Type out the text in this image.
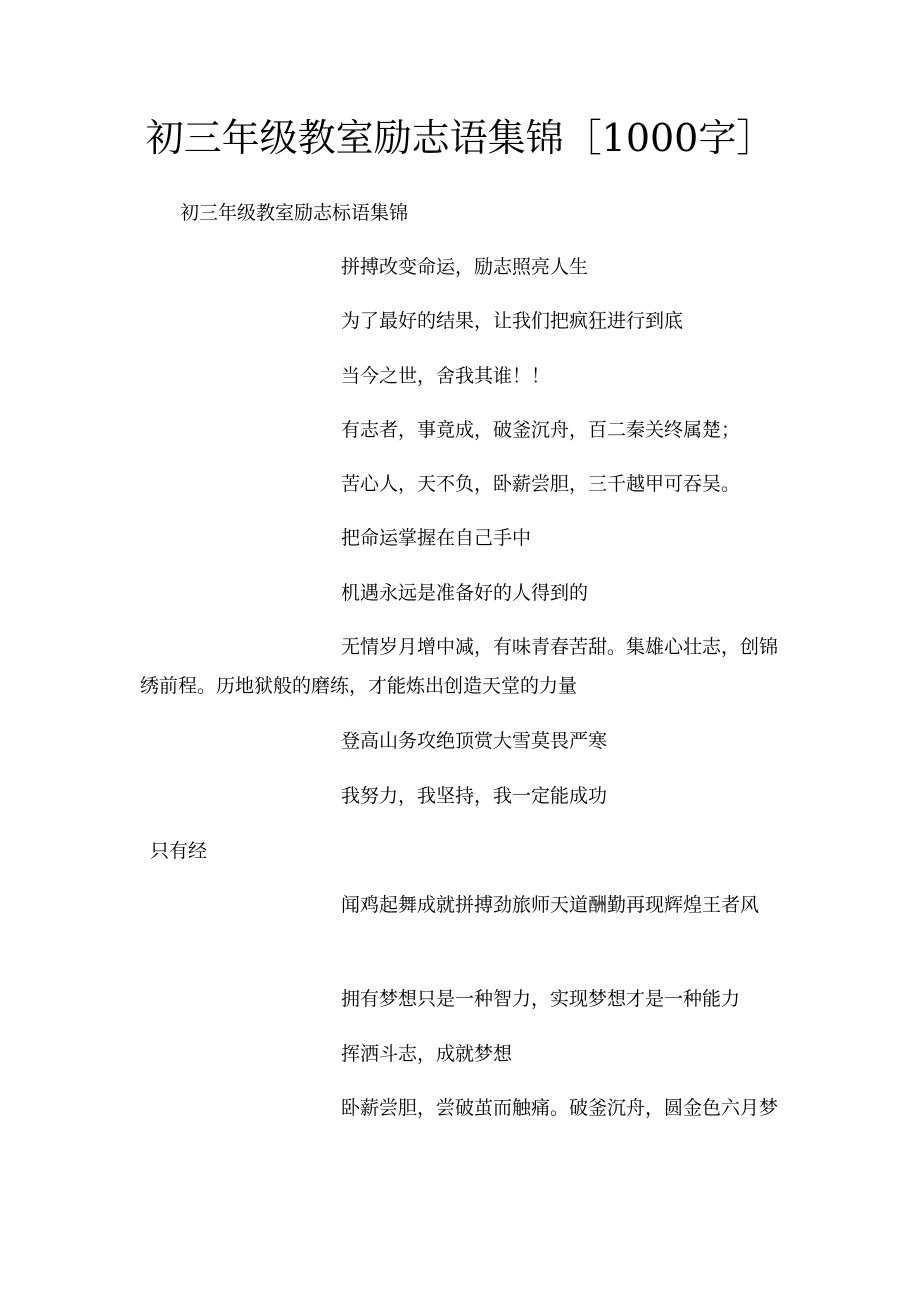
初三年级教室励志语集锦［1000字］
初三年级教室励志标语集锦
拼搏改变命运，励志照亮人生
为了最好的结果，让我们把疯狂进行到底
当今之世，舍我其谁！！
有志者，事竟成，破釜沉舟，百二秦关终属楚；
苦心人，天不负，卧薪尝胆，三千越甲可吞吴。
把命运掌握在自己手中
机遇永远是准备好的人得到的

无情岁月增中减，有味青春苦甜。集雄心壮志，创锦绣前程。历地狱般的磨练，才能炼出创造天堂的力量

登高山务攻绝顶赏大雪莫畏严寒
我努力，我坚持，我一定能成功
只有经

闻鸡起舞成就拼搏劲旅师天道酬勤再现辉煌王者风

拥有梦想只是一种智力，实现梦想才是一种能力
挥洒斗志，成就梦想

卧薪尝胆，尝破茧而触痛。破釜沉舟，圆金色六月梦
